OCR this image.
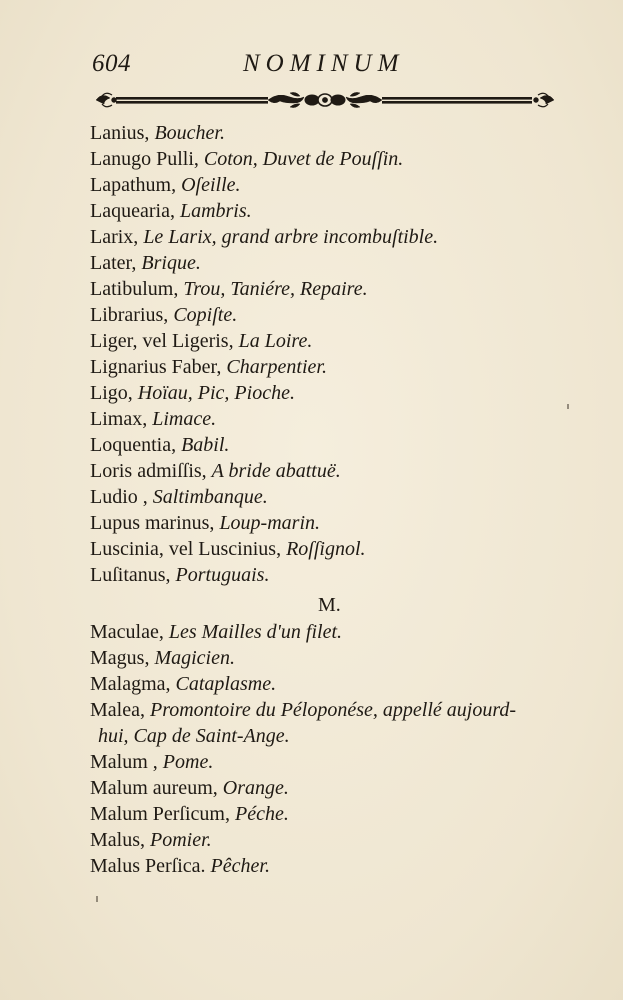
604	NOMINUM
Lanius, Boucher.
Lanugo Pulli, Coton, Duvet de Pouſſin.
Lapathum, Oſeille.
Laquearia, Lambris.
Larix, Le Larix, grand arbre incombuſtible.
Later, Brique.
Latibulum, Trou, Taniére, Repaire.
Librarius, Copiſte.
Liger, vel Ligeris, La Loire.
Lignarius Faber, Charpentier.
Ligo, Hoïau, Pic, Pioche.
Limax, Limace.
Loquentia, Babil.
Loris admiſſis, A bride abattuë.
Ludio , Saltimbanque.
Lupus marinus, Loup-marin.
Luscinia, vel Luscinius, Roſſignol.
Luſitanus, Portuguais.
M.
Maculae, Les Mailles d'un filet.
Magus, Magicien.
Malagma, Cataplasme.
Malea, Promontoire du Péloponése, appellé aujourd-
hui, Cap de Saint-Ange.
Malum , Pome.
Malum aureum, Orange.
Malum Perſicum, Péche.
Malus, Pomier.
Malus Perſica. Pêcher.
